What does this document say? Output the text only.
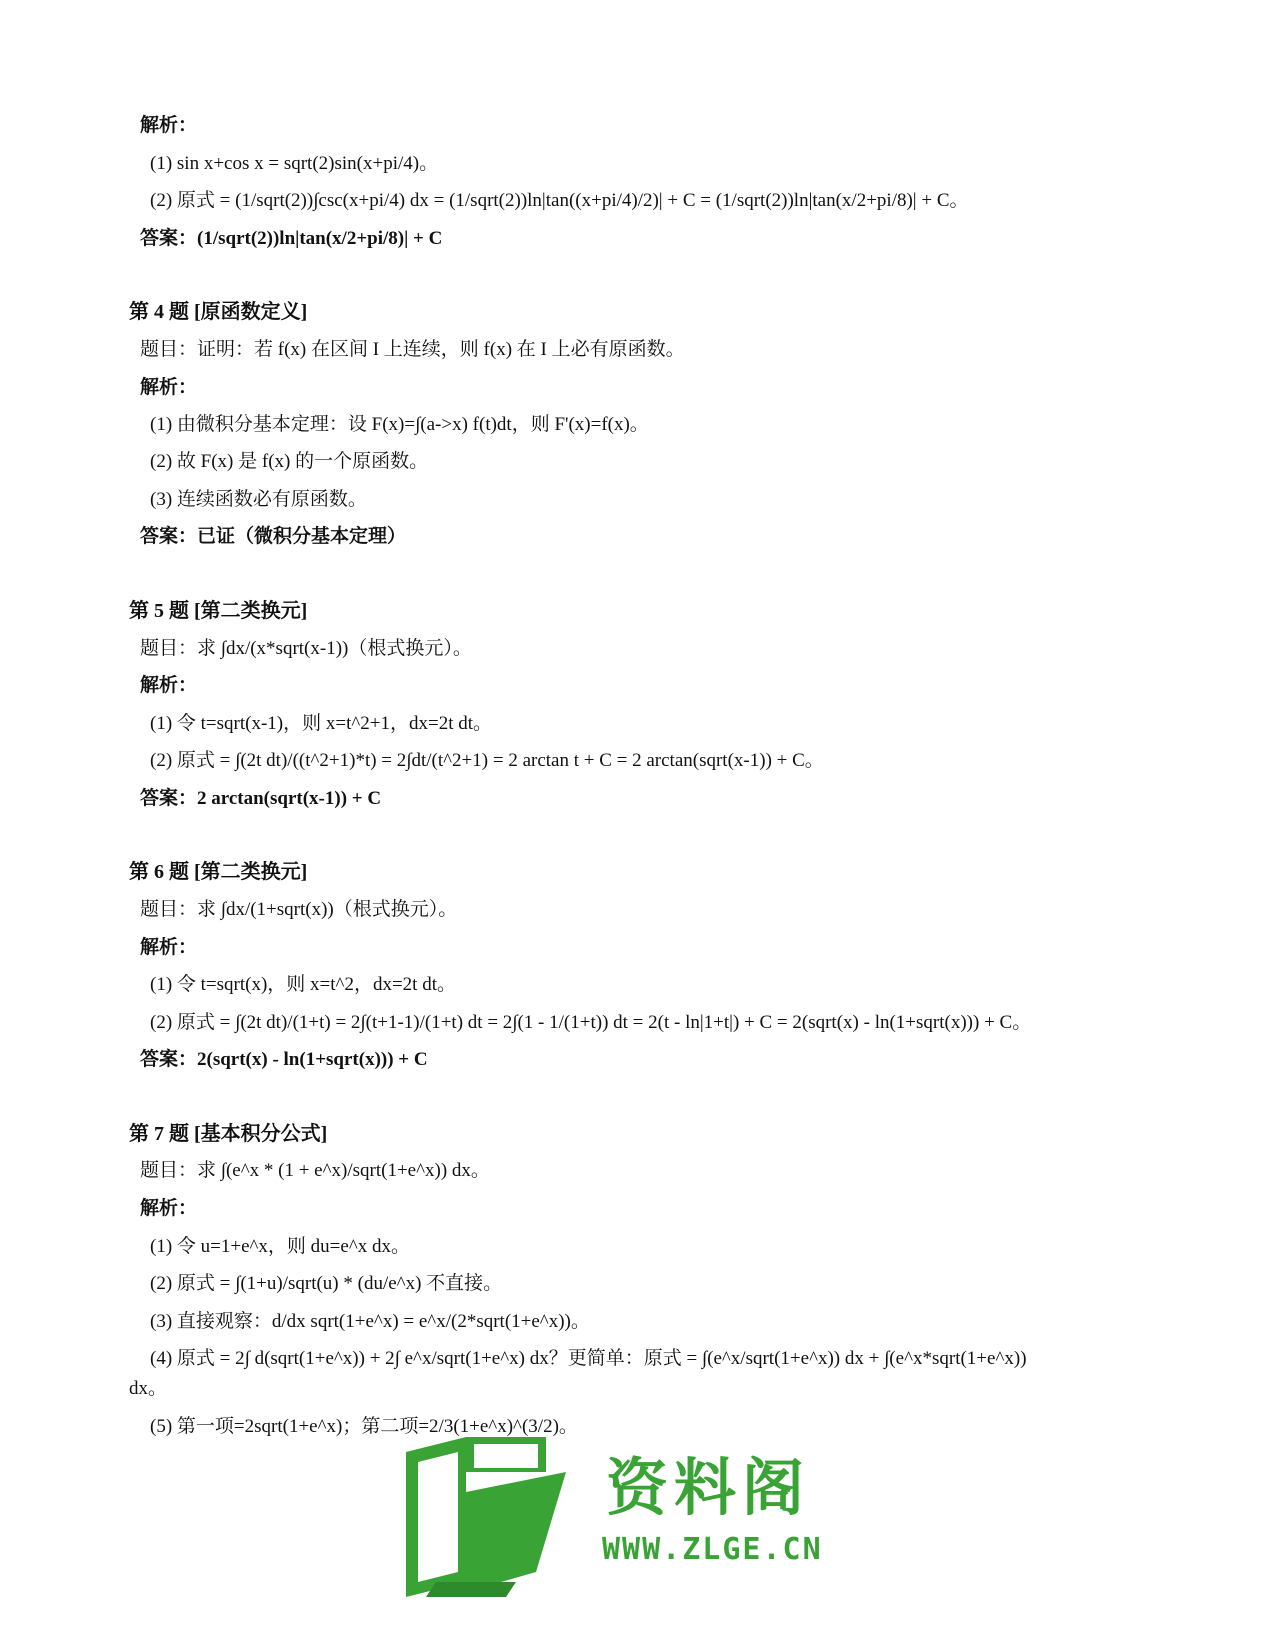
解析：
(1) sin x+cos x = sqrt(2)sin(x+pi/4)。
(2) 原式 = (1/sqrt(2))∫csc(x+pi/4) dx = (1/sqrt(2))ln|tan((x+pi/4)/2)| + C = (1/sqrt(2))ln|tan(x/2+pi/8)| + C。
答案：(1/sqrt(2))ln|tan(x/2+pi/8)| + C
第 4 题 [原函数定义]
题目：证明：若 f(x) 在区间 I 上连续，则 f(x) 在 I 上必有原函数。
解析：
(1) 由微积分基本定理：设 F(x)=∫(a->x) f(t)dt，则 F'(x)=f(x)。
(2) 故 F(x) 是 f(x) 的一个原函数。
(3) 连续函数必有原函数。
答案：已证（微积分基本定理）
第 5 题 [第二类换元]
题目：求 ∫dx/(x*sqrt(x-1))（根式换元）。
解析：
(1) 令 t=sqrt(x-1)，则 x=t^2+1，dx=2t dt。
(2) 原式 = ∫(2t dt)/((t^2+1)*t) = 2∫dt/(t^2+1) = 2 arctan t + C = 2 arctan(sqrt(x-1)) + C。
答案：2 arctan(sqrt(x-1)) + C
第 6 题 [第二类换元]
题目：求 ∫dx/(1+sqrt(x))（根式换元）。
解析：
(1) 令 t=sqrt(x)，则 x=t^2，dx=2t dt。
(2) 原式 = ∫(2t dt)/(1+t) = 2∫(t+1-1)/(1+t) dt = 2∫(1 - 1/(1+t)) dt = 2(t - ln|1+t|) + C = 2(sqrt(x) - ln(1+sqrt(x))) + C。
答案：2(sqrt(x) - ln(1+sqrt(x))) + C
第 7 题 [基本积分公式]
题目：求 ∫(e^x * (1 + e^x)/sqrt(1+e^x)) dx。
解析：
(1) 令 u=1+e^x，则 du=e^x dx。
(2) 原式 = ∫(1+u)/sqrt(u) * (du/e^x) 不直接。
(3) 直接观察：d/dx sqrt(1+e^x) = e^x/(2*sqrt(1+e^x))。
(4) 原式 = 2∫ d(sqrt(1+e^x)) + 2∫ e^x/sqrt(1+e^x) dx？更简单：原式 = ∫(e^x/sqrt(1+e^x)) dx + ∫(e^x*sqrt(1+e^x))
dx。
(5) 第一项=2sqrt(1+e^x)；第二项=2/3(1+e^x)^(3/2)。
资料阁
WWW.ZLGE.CN
